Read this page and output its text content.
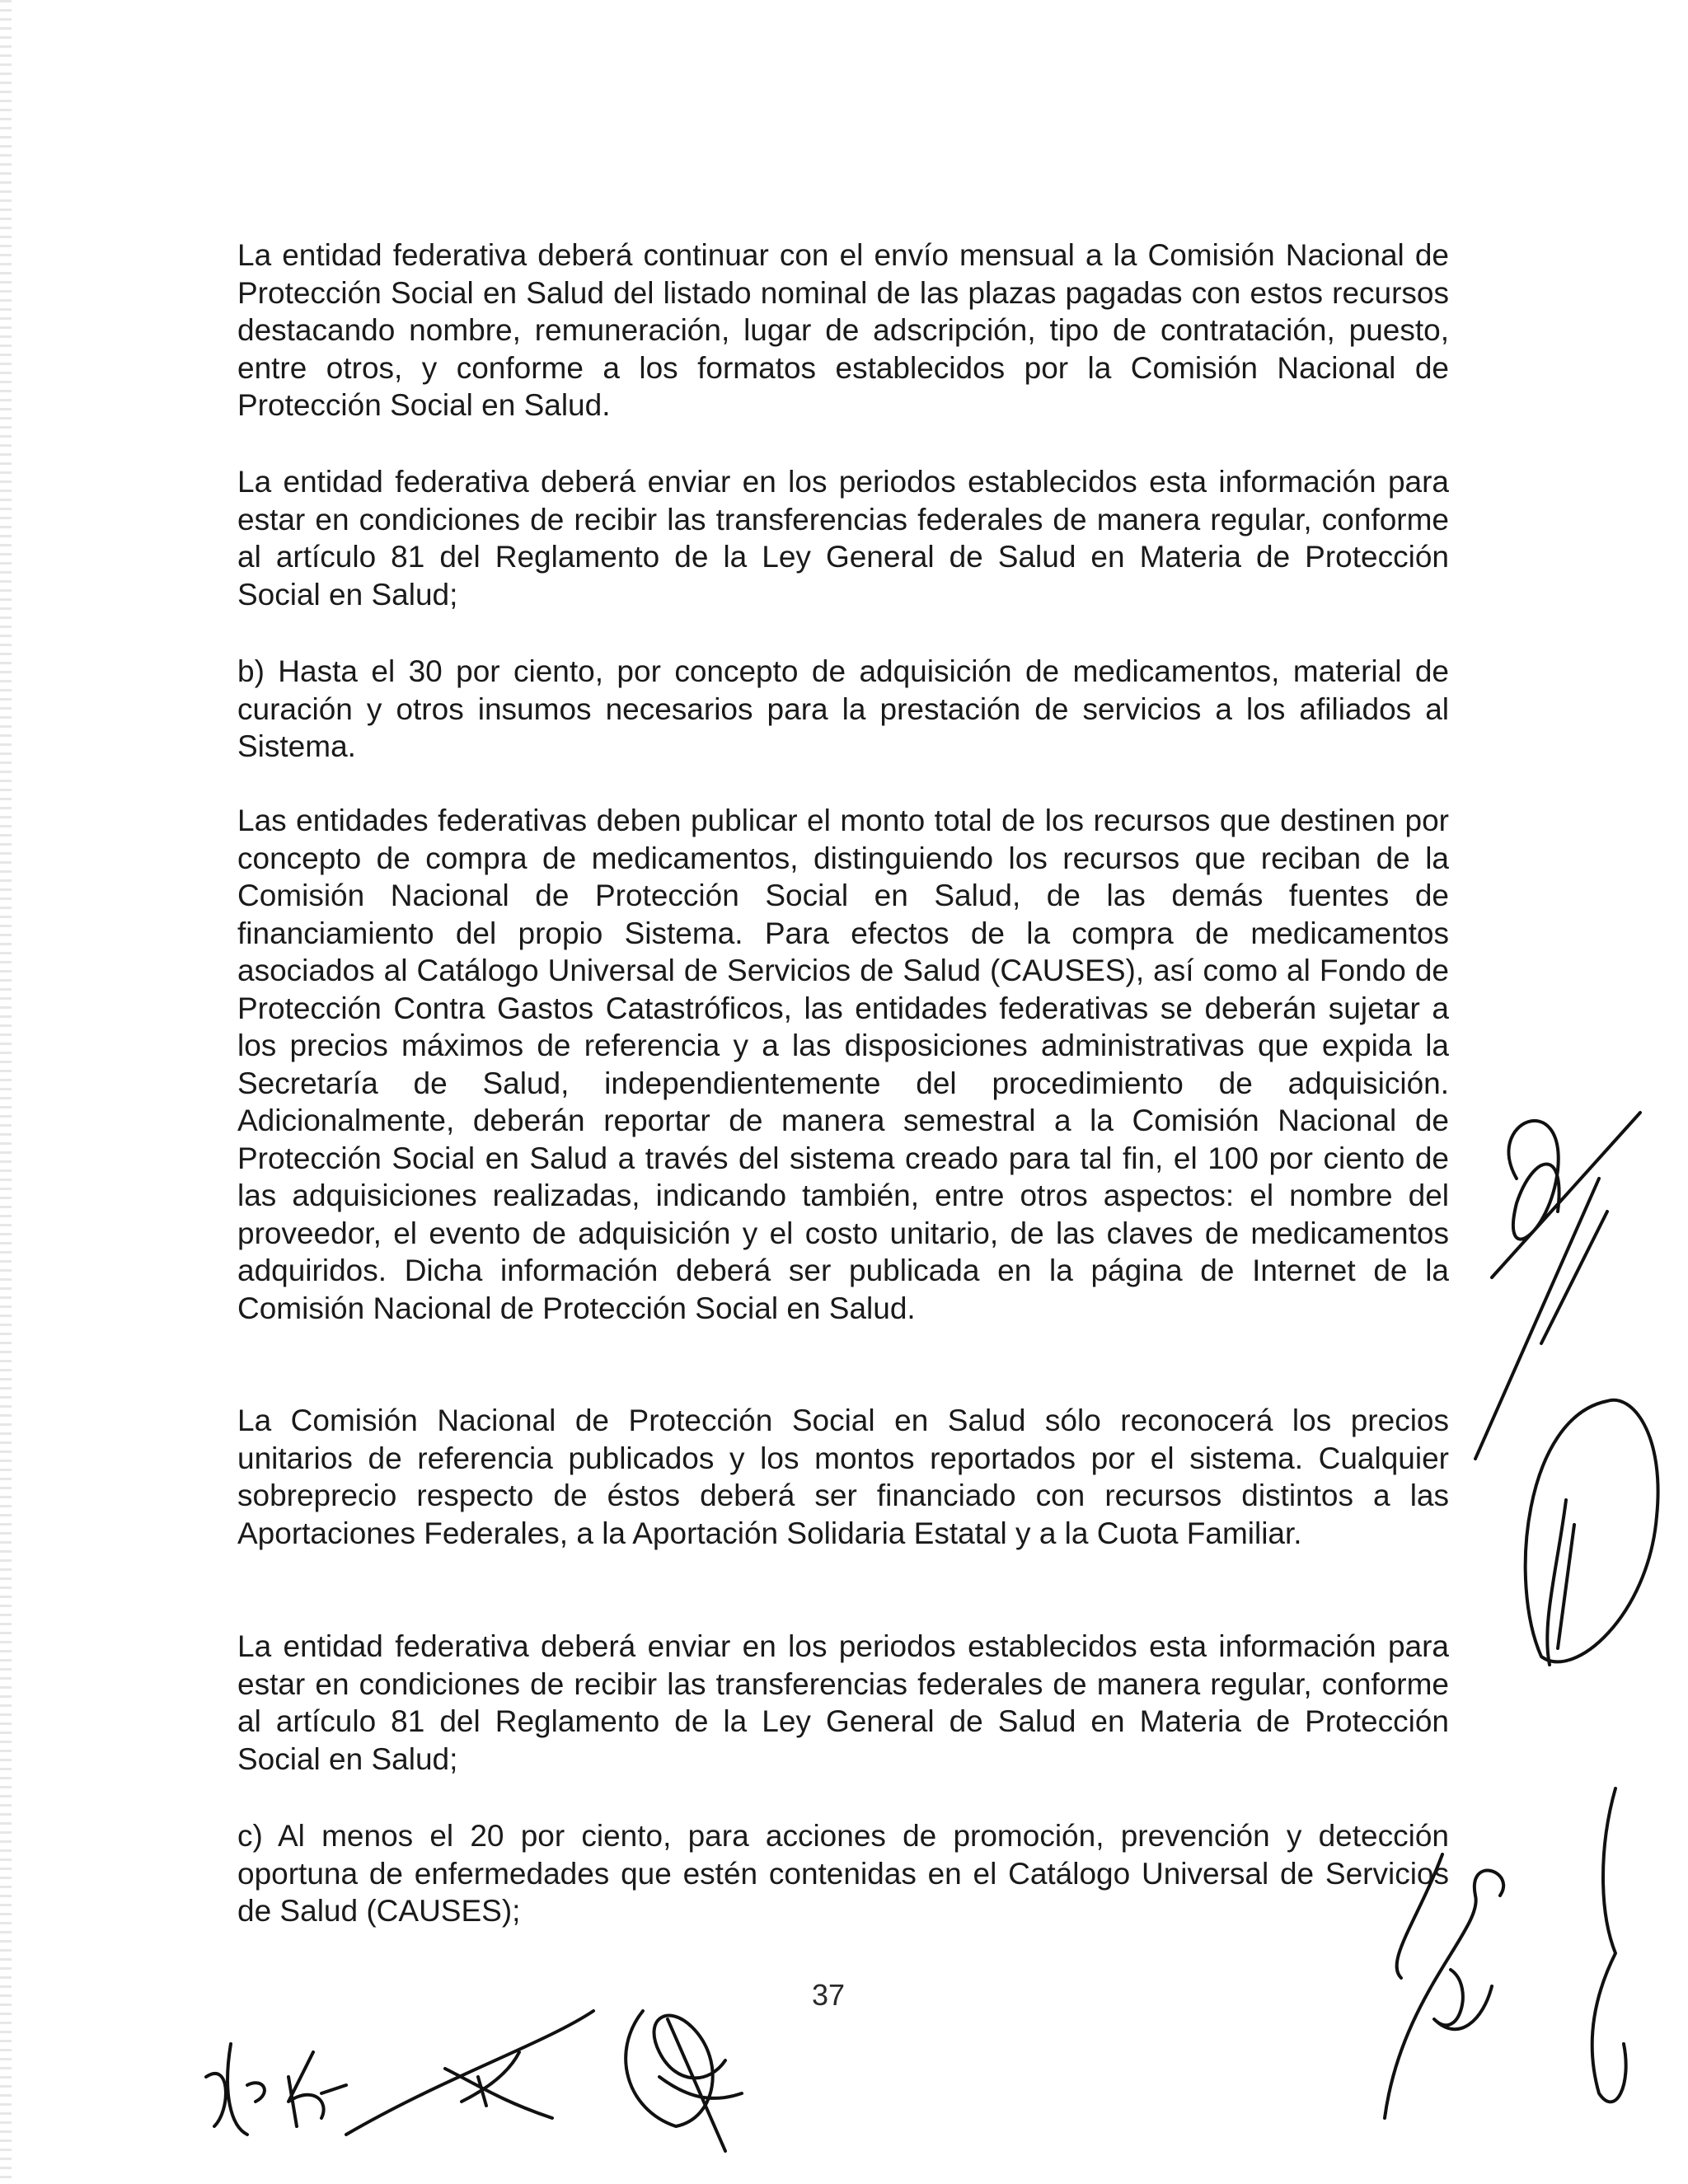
La entidad federativa deberá continuar con el envío mensual a la Comisión Nacional de Protección Social en Salud del listado nominal de las plazas pagadas con estos recursos destacando nombre, remuneración, lugar de adscripción, tipo de contratación, puesto, entre otros, y conforme a los formatos establecidos por la Comisión Nacional de Protección Social en Salud.

La entidad federativa deberá enviar en los periodos establecidos esta información para estar en condiciones de recibir las transferencias federales de manera regular, conforme al artículo 81 del Reglamento de la Ley General de Salud en Materia de Protección Social en Salud;

b) Hasta el 30 por ciento, por concepto de adquisición de medicamentos, material de curación y otros insumos necesarios para la prestación de servicios a los afiliados al Sistema.

Las entidades federativas deben publicar el monto total de los recursos que destinen por concepto de compra de medicamentos, distinguiendo los recursos que reciban de la Comisión Nacional de Protección Social en Salud, de las demás fuentes de financiamiento del propio Sistema. Para efectos de la compra de medicamentos asociados al Catálogo Universal de Servicios de Salud (CAUSES), así como al Fondo de Protección Contra Gastos Catastróficos, las entidades federativas se deberán sujetar a los precios máximos de referencia y a las disposiciones administrativas que expida la Secretaría de Salud, independientemente del procedimiento de adquisición. Adicionalmente, deberán reportar de manera semestral a la Comisión Nacional de Protección Social en Salud a través del sistema creado para tal fin, el 100 por ciento de las adquisiciones realizadas, indicando también, entre otros aspectos: el nombre del proveedor, el evento de adquisición y el costo unitario, de las claves de medicamentos adquiridos. Dicha información deberá ser publicada en la página de Internet de la Comisión Nacional de Protección Social en Salud.

La Comisión Nacional de Protección Social en Salud sólo reconocerá los precios unitarios de referencia publicados y los montos reportados por el sistema. Cualquier sobreprecio respecto de éstos deberá ser financiado con recursos distintos a las Aportaciones Federales, a la Aportación Solidaria Estatal y a la Cuota Familiar.

La entidad federativa deberá enviar en los periodos establecidos esta información para estar en condiciones de recibir las transferencias federales de manera regular, conforme al artículo 81 del Reglamento de la Ley General de Salud en Materia de Protección Social en Salud;

c) Al menos el 20 por ciento, para acciones de promoción, prevención y detección oportuna de enfermedades que estén contenidas en el Catálogo Universal de Servicios de Salud (CAUSES);

37
